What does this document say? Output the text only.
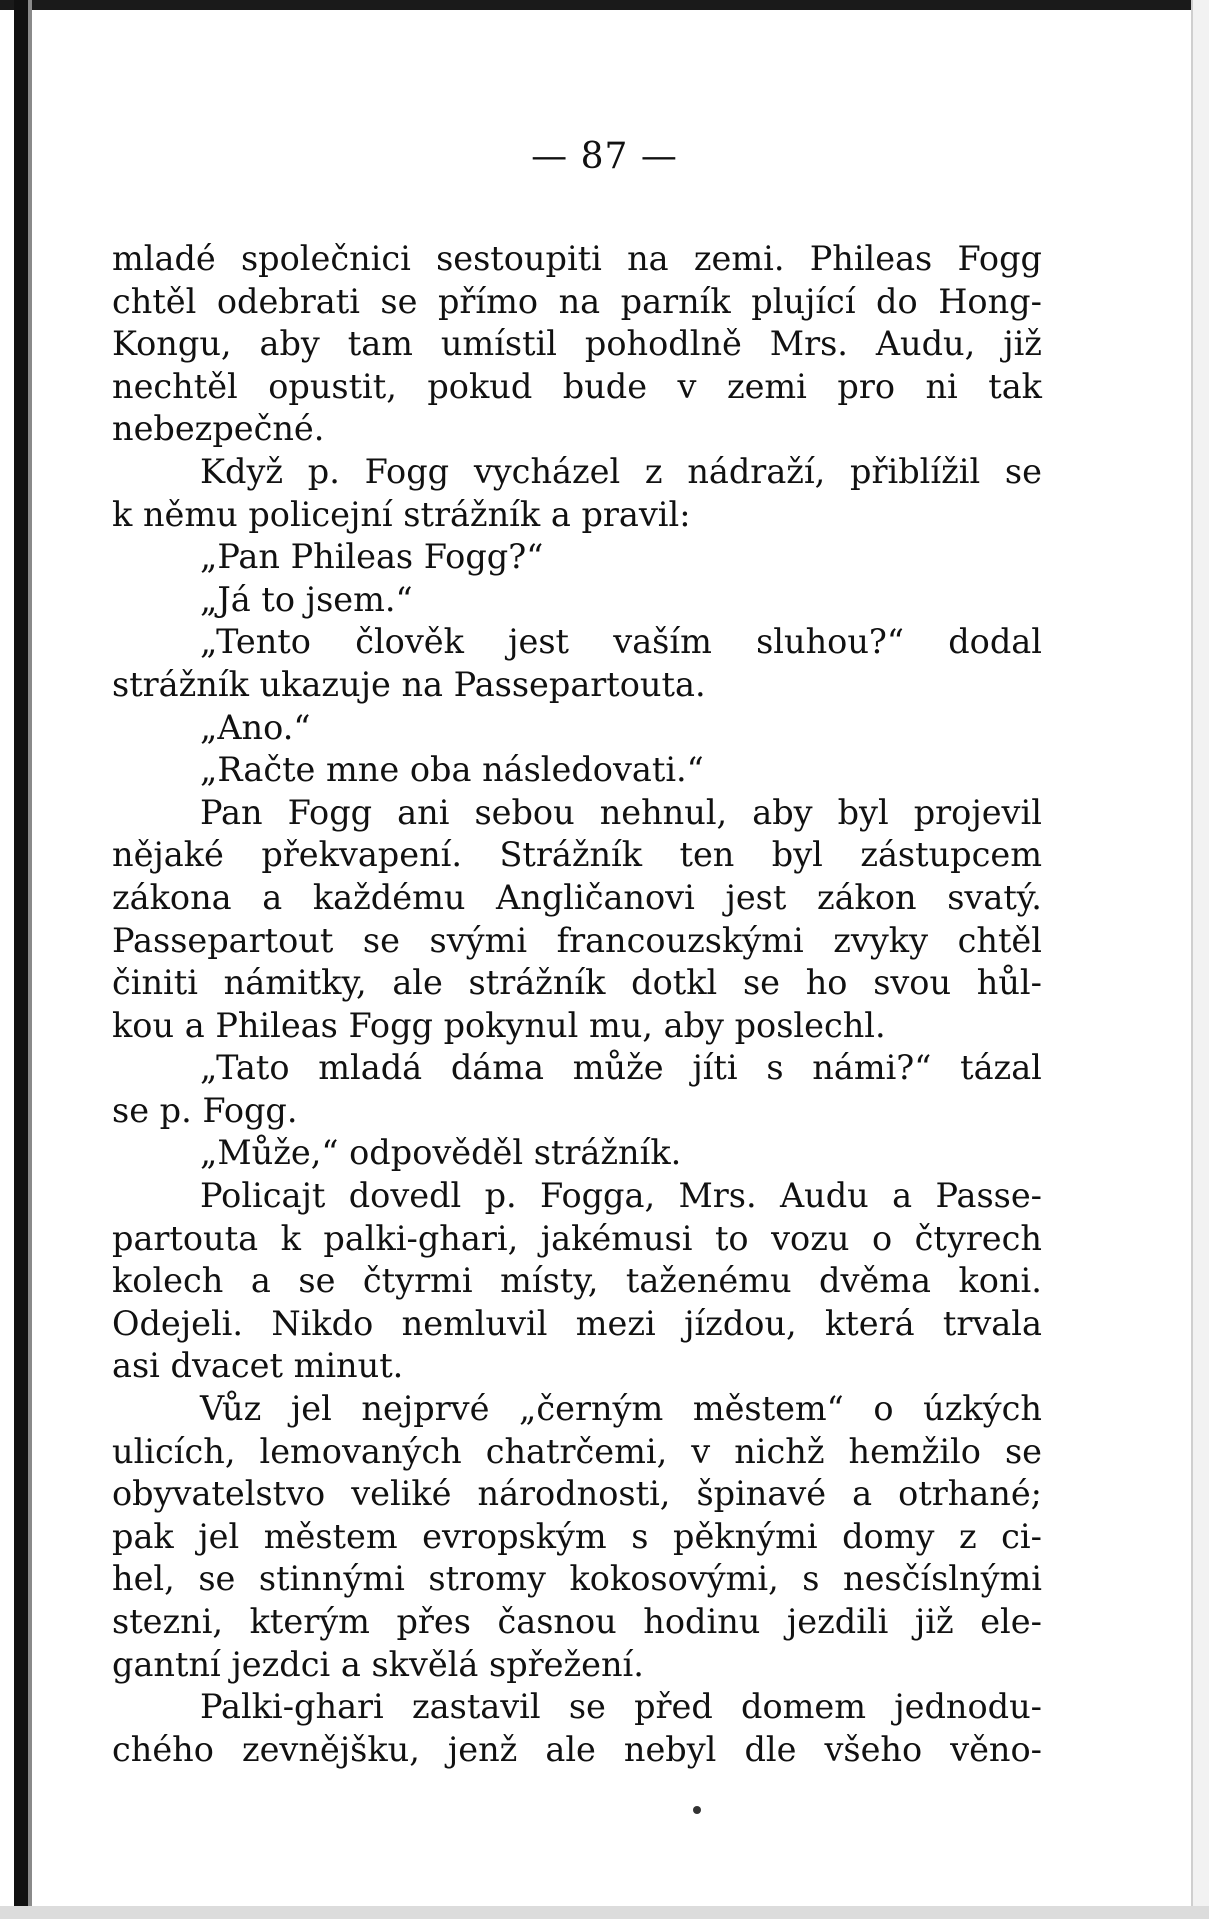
— 87 —
mladé společnici sestoupiti na zemi. Phileas Fogg
chtěl odebrati se přímo na parník plující do Hong-
Kongu, aby tam umístil pohodlně Mrs. Audu, již
nechtěl opustit, pokud bude v zemi pro ni tak
nebezpečné.
Když p. Fogg vycházel z nádraží, přiblížil se
k němu policejní strážník a pravil:
„Pan Phileas Fogg?“
„Já to jsem.“
„Tento člověk jest vaším sluhou?“ dodal
strážník ukazuje na Passepartouta.
„Ano.“
„Račte mne oba následovati.“
Pan Fogg ani sebou nehnul, aby byl projevil
nějaké překvapení. Strážník ten byl zástupcem
zákona a každému Angličanovi jest zákon svatý.
Passepartout se svými francouzskými zvyky chtěl
činiti námitky, ale strážník dotkl se ho svou hůl-
kou a Phileas Fogg pokynul mu, aby poslechl.
„Tato mladá dáma může jíti s námi?“ tázal
se p. Fogg.
„Může,“ odpověděl strážník.
Policajt dovedl p. Fogga, Mrs. Audu a Passe-
partouta k palki-ghari, jakémusi to vozu o čtyrech
kolech a se čtyrmi místy, taženému dvěma koni.
Odejeli. Nikdo nemluvil mezi jízdou, která trvala
asi dvacet minut.
Vůz jel nejprvé „černým městem“ o úzkých
ulicích, lemovaných chatrčemi, v nichž hemžilo se
obyvatelstvo veliké národnosti, špinavé a otrhané;
pak jel městem evropským s pěknými domy z ci-
hel, se stinnými stromy kokosovými, s nesčíslnými
stezni, kterým přes časnou hodinu jezdili již ele-
gantní jezdci a skvělá spřežení.
Palki-ghari zastavil se před domem jednodu-
chého zevnějšku, jenž ale nebyl dle všeho věno-
